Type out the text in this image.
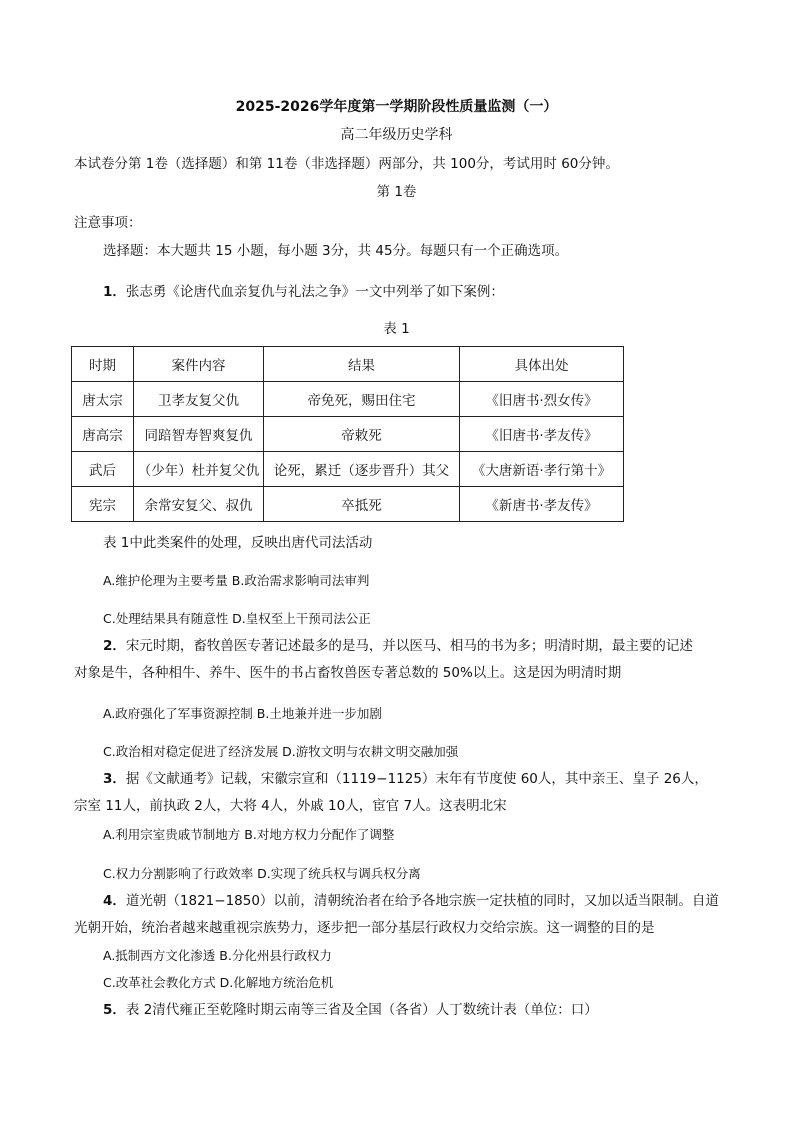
2025-2026学年度第一学期阶段性质量监测（一）
高二年级历史学科
本试卷分第 1卷（选择题）和第 11卷（非选择题）两部分，共 100分，考试用时 60分钟。
第 1卷
注意事项：
选择题：本大题共 15 小题，每小题 3分，共 45分。每题只有一个正确选项。
1．张志勇《论唐代血亲复仇与礼法之争》一文中列举了如下案例：
表 1
时期	案件内容	结果	具体出处
唐太宗	卫孝友复父仇	帝免死，赐田住宅	《旧唐书·烈女传》
唐高宗	同踣智寿智爽复仇	帝敕死	《旧唐书·孝友传》
武后	（少年）杜并复父仇	论死，累迁（逐步晋升）其父	《大唐新语·孝行第十》
宪宗	余常安复父、叔仇	卒抵死	《新唐书·孝友传》
表 1中此类案件的处理，反映出唐代司法活动
A.维护伦理为主要考量 B.政治需求影响司法审判
C.处理结果具有随意性 D.皇权至上干预司法公正
2．宋元时期，畜牧兽医专著记述最多的是马，并以医马、相马的书为多；明清时期，最主要的记述
对象是牛，各种相牛、养牛、医牛的书占畜牧兽医专著总数的 50%以上。这是因为明清时期
A.政府强化了军事资源控制 B.土地兼并进一步加剧
C.政治相对稳定促进了经济发展 D.游牧文明与农耕文明交融加强
3．据《文献通考》记载，宋徽宗宣和（1119−1125）末年有节度使 60人，其中亲王、皇子 26人，
宗室 11人，前执政 2人，大将 4人，外戚 10人，宦官 7人。这表明北宋
A.利用宗室贵戚节制地方 B.对地方权力分配作了调整
C.权力分割影响了行政效率 D.实现了统兵权与调兵权分离
4．道光朝（1821−1850）以前，清朝统治者在给予各地宗族一定扶植的同时，又加以适当限制。自道
光朝开始，统治者越来越重视宗族势力，逐步把一部分基层行政权力交给宗族。这一调整的目的是
A.抵制西方文化渗透 B.分化州县行政权力
C.改革社会教化方式 D.化解地方统治危机
5．表 2清代雍正至乾隆时期云南等三省及全国（各省）人丁数统计表（单位：口）
